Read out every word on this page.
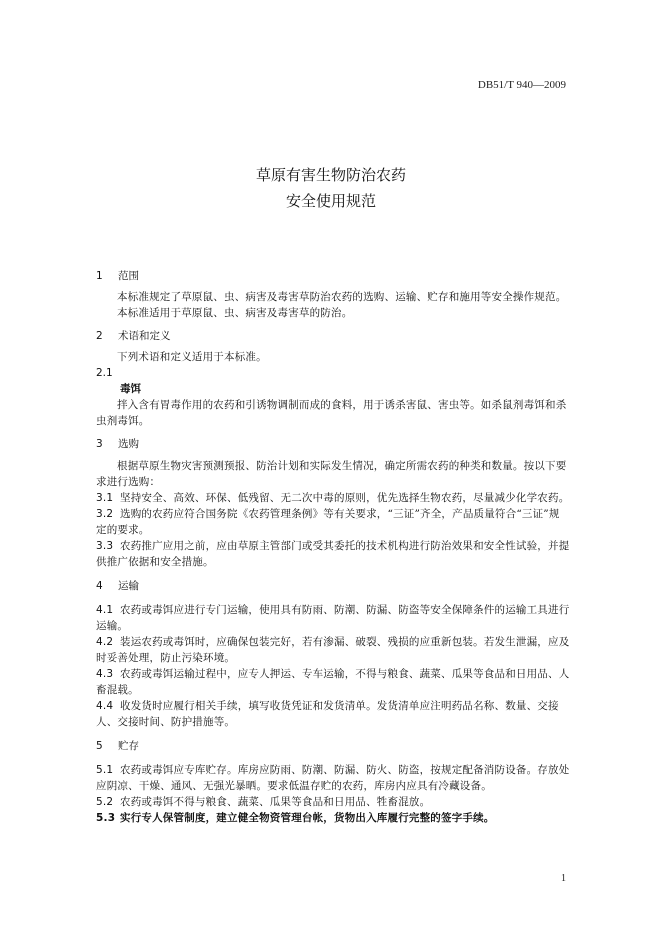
DB51/T 940—2009
草原有害生物防治农药
安全使用规范
1 范围
本标准规定了草原鼠、虫、病害及毒害草防治农药的选购、运输、贮存和施用等安全操作规范。
本标准适用于草原鼠、虫、病害及毒害草的防治。
2 术语和定义
下列术语和定义适用于本标准。
2.1
毒饵
拌入含有胃毒作用的农药和引诱物调制而成的食料，用于诱杀害鼠、害虫等。如杀鼠剂毒饵和杀虫剂毒饵。
3 选购
根据草原生物灾害预测预报、防治计划和实际发生情况，确定所需农药的种类和数量。按以下要求进行选购：
3.1 坚持安全、高效、环保、低残留、无二次中毒的原则，优先选择生物农药，尽量减少化学农药。
3.2 选购的农药应符合国务院《农药管理条例》等有关要求，“三证”齐全，产品质量符合“三证”规定的要求。
3.3 农药推广应用之前，应由草原主管部门或受其委托的技术机构进行防治效果和安全性试验，并提供推广依据和安全措施。
4 运输
4.1 农药或毒饵应进行专门运输，使用具有防雨、防潮、防漏、防盗等安全保障条件的运输工具进行运输。
4.2 装运农药或毒饵时，应确保包装完好，若有渗漏、破裂、残损的应重新包装。若发生泄漏，应及时妥善处理，防止污染环境。
4.3 农药或毒饵运输过程中，应专人押运、专车运输，不得与粮食、蔬菜、瓜果等食品和日用品、人畜混载。
4.4 收发货时应履行相关手续，填写收货凭证和发货清单。发货清单应注明药品名称、数量、交接人、交接时间、防护措施等。
5 贮存
5.1 农药或毒饵应专库贮存。库房应防雨、防潮、防漏、防火、防盗，按规定配备消防设备。存放处应阴凉、干燥、通风、无强光暴晒。要求低温存贮的农药，库房内应具有冷藏设备。
5.2 农药或毒饵不得与粮食、蔬菜、瓜果等食品和日用品、牲畜混放。
5.3 实行专人保管制度，建立健全物资管理台帐，货物出入库履行完整的签字手续。
1
